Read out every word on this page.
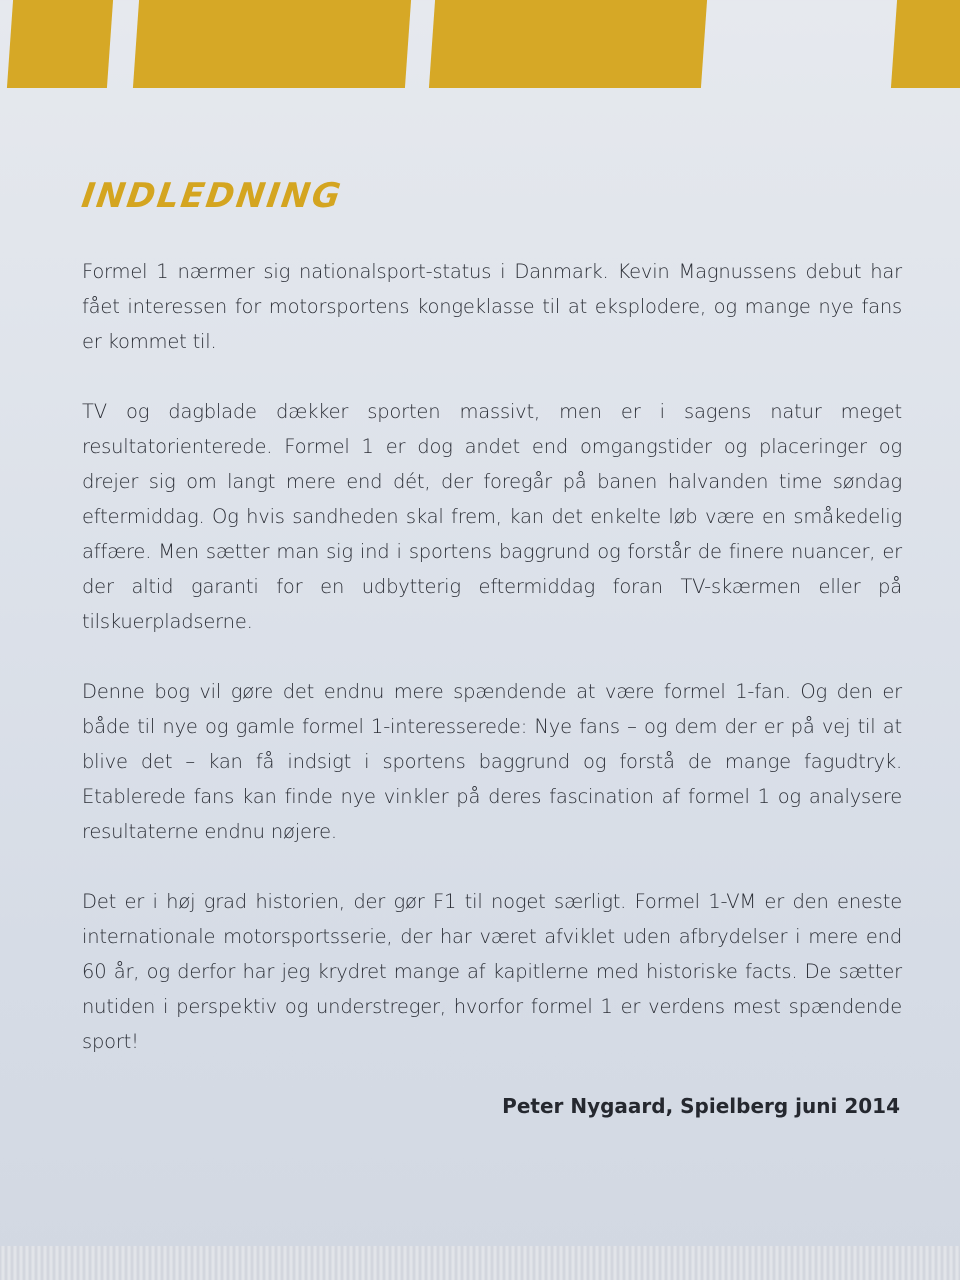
INDLEDNING

Formel 1 nærmer sig nationalsport-status i Danmark. Kevin Magnussens debut har fået interessen for motorsportens kongeklasse til at eksplodere, og mange nye fans er kommet til.

TV og dagblade dækker sporten massivt, men er i sagens natur meget resultatorienterede. Formel 1 er dog andet end omgangstider og placeringer og drejer sig om langt mere end dét, der foregår på banen halvanden time søndag eftermiddag. Og hvis sandheden skal frem, kan det enkelte løb være en småkedelig affære. Men sætter man sig ind i sportens baggrund og forstår de finere nuancer, er der altid garanti for en udbytterig eftermiddag foran TV-skærmen eller på tilskuerpladserne.

Denne bog vil gøre det endnu mere spændende at være formel 1-fan. Og den er både til nye og gamle formel 1-interesserede: Nye fans – og dem der er på vej til at blive det – kan få indsigt i sportens baggrund og forstå de mange fagudtryk. Etablerede fans kan finde nye vinkler på deres fascination af formel 1 og analysere resultaterne endnu nøjere.

Det er i høj grad historien, der gør F1 til noget særligt. Formel 1-VM er den eneste internationale motorsportsserie, der har været afviklet uden afbrydelser i mere end 60 år, og derfor har jeg krydret mange af kapitlerne med historiske facts. De sætter nutiden i perspektiv og understreger, hvorfor formel 1 er verdens mest spændende sport!

Peter Nygaard, Spielberg juni 2014
